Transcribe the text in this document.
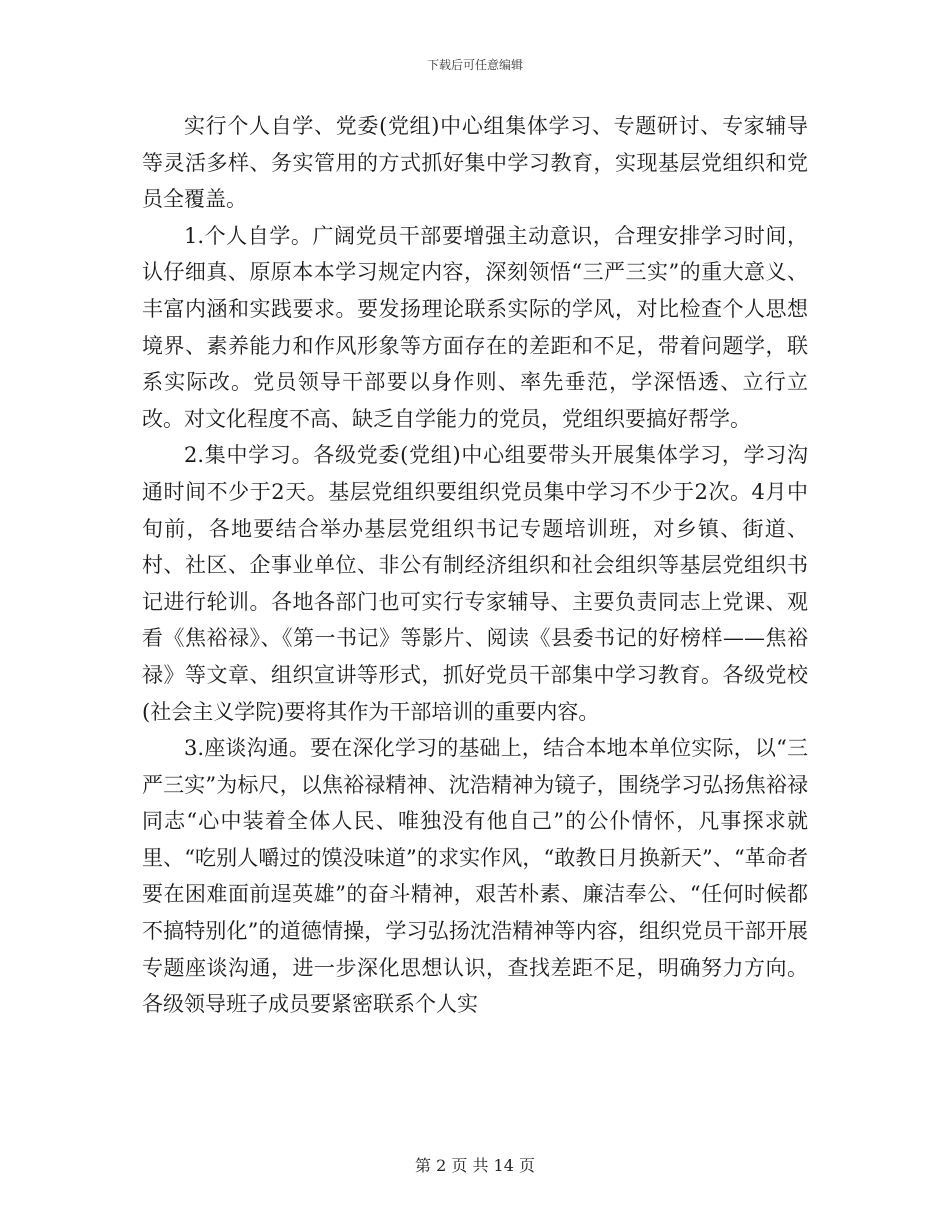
下载后可任意编辑

实行个人自学、党委(党组)中心组集体学习、专题研讨、专家辅导等灵活多样、务实管用的方式抓好集中学习教育，实现基层党组织和党员全覆盖。

1.个人自学。广阔党员干部要增强主动意识，合理安排学习时间，认仔细真、原原本本学习规定内容，深刻领悟“三严三实”的重大意义、丰富内涵和实践要求。要发扬理论联系实际的学风，对比检查个人思想境界、素养能力和作风形象等方面存在的差距和不足，带着问题学，联系实际改。党员领导干部要以身作则、率先垂范，学深悟透、立行立改。对文化程度不高、缺乏自学能力的党员，党组织要搞好帮学。

2.集中学习。各级党委(党组)中心组要带头开展集体学习，学习沟通时间不少于2天。基层党组织要组织党员集中学习不少于2次。4月中旬前，各地要结合举办基层党组织书记专题培训班，对乡镇、街道、村、社区、企事业单位、非公有制经济组织和社会组织等基层党组织书记进行轮训。各地各部门也可实行专家辅导、主要负责同志上党课、观看《焦裕禄》、《第一书记》等影片、阅读《县委书记的好榜样——焦裕禄》等文章、组织宣讲等形式，抓好党员干部集中学习教育。各级党校(社会主义学院)要将其作为干部培训的重要内容。

3.座谈沟通。要在深化学习的基础上，结合本地本单位实际，以“三严三实”为标尺，以焦裕禄精神、沈浩精神为镜子，围绕学习弘扬焦裕禄同志“心中装着全体人民、唯独没有他自己”的公仆情怀，凡事探求就里、“吃别人嚼过的馍没味道”的求实作风，“敢教日月换新天”、“革命者要在困难面前逞英雄”的奋斗精神，艰苦朴素、廉洁奉公、“任何时候都不搞特别化”的道德情操，学习弘扬沈浩精神等内容，组织党员干部开展专题座谈沟通，进一步深化思想认识，查找差距不足，明确努力方向。各级领导班子成员要紧密联系个人实

第 2 页 共 14 页
